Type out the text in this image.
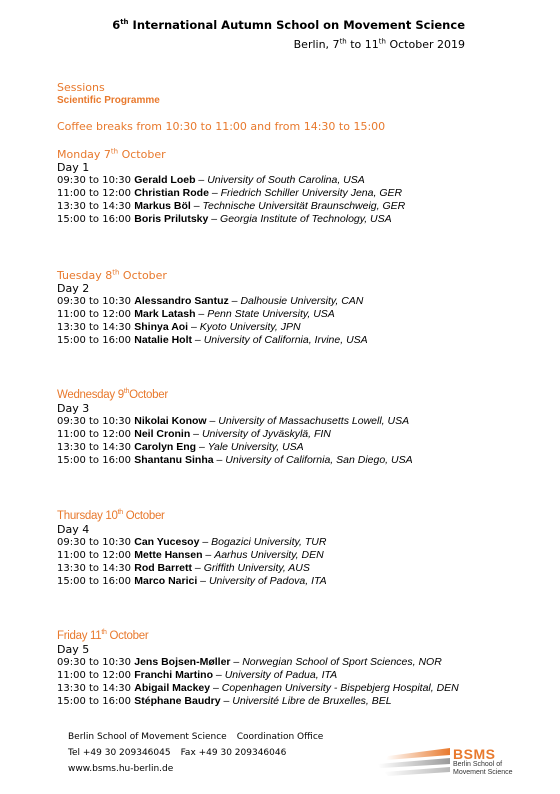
6th International Autumn School on Movement Science
Berlin, 7th to 11th October 2019
Sessions
Scientific Programme
Coffee breaks from 10:30 to 11:00 and from 14:30 to 15:00
Monday 7th October
Day 1
09:30 to 10:30 Gerald Loeb – University of South Carolina, USA
11:00 to 12:00 Christian Rode – Friedrich Schiller University Jena, GER
13:30 to 14:30 Markus Böl – Technische Universität Braunschweig, GER
15:00 to 16:00 Boris Prilutsky – Georgia Institute of Technology, USA
Tuesday 8th October
Day 2
09:30 to 10:30 Alessandro Santuz – Dalhousie University, CAN
11:00 to 12:00 Mark Latash – Penn State University, USA
13:30 to 14:30 Shinya Aoi – Kyoto University, JPN
15:00 to 16:00 Natalie Holt – University of California, Irvine, USA
Wednesday 9thOctober
Day 3
09:30 to 10:30 Nikolai Konow – University of Massachusetts Lowell, USA
11:00 to 12:00 Neil Cronin – University of Jyväskylä, FIN
13:30 to 14:30 Carolyn Eng – Yale University, USA
15:00 to 16:00 Shantanu Sinha – University of California, San Diego, USA
Thursday 10th October
Day 4
09:30 to 10:30 Can Yucesoy – Bogazici University, TUR
11:00 to 12:00 Mette Hansen – Aarhus University, DEN
13:30 to 14:30 Rod Barrett – Griffith University, AUS
15:00 to 16:00 Marco Narici – University of Padova, ITA
Friday 11th October
Day 5
09:30 to 10:30 Jens Bojsen-Møller – Norwegian School of Sport Sciences, NOR
11:00 to 12:00 Franchi Martino – University of Padua, ITA
13:30 to 14:30 Abigail Mackey – Copenhagen University - Bispebjerg Hospital, DEN
15:00 to 16:00 Stéphane Baudry – Université Libre de Bruxelles, BEL
Berlin School of Movement Science Coordination Office
Tel +49 30 209346045 Fax +49 30 209346046
www.bsms.hu-berlin.de
BSMS
Berlin School of
Movement Science
